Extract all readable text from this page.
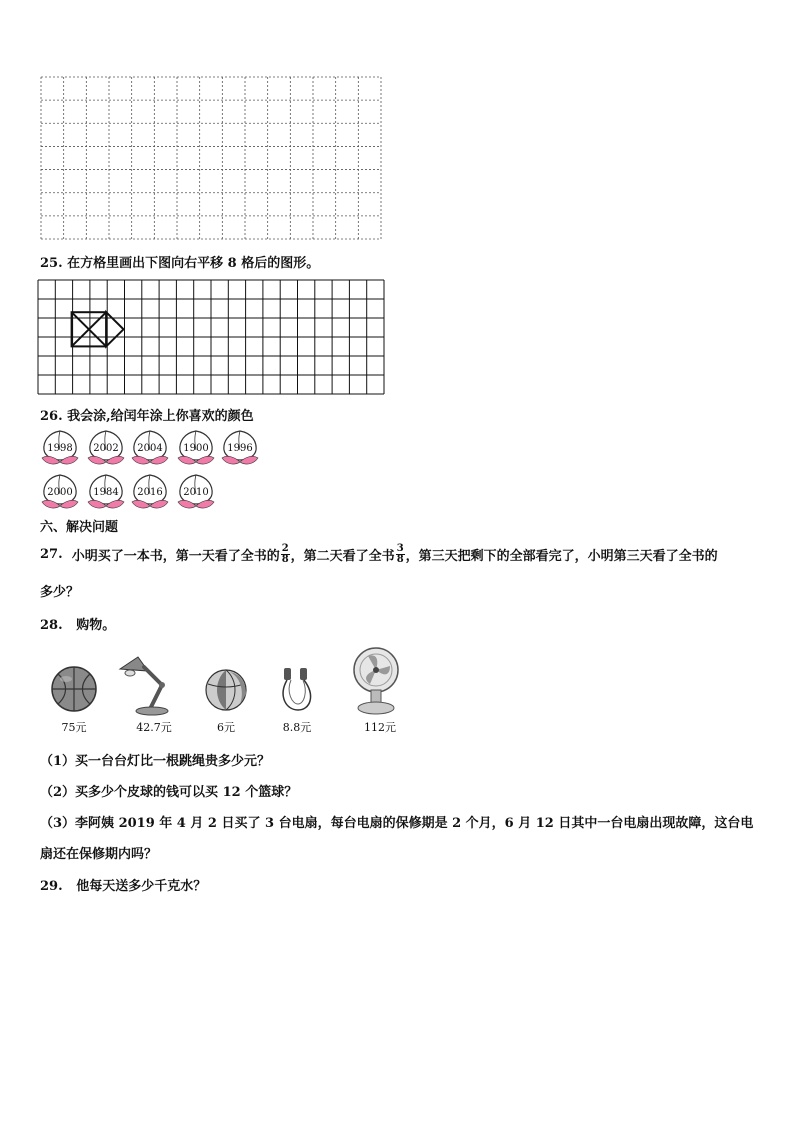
25. 在方格里画出下图向右平移 8 格后的图形。
26. 我会涂,给闰年涂上你喜欢的颜色
1998 2002 2004 1900 1996
2000 1984 2016 2010
六、解决问题
27.
小明买了一本书，第一天看了全书的 $\frac{2}{8}$ ，第二天看了全书 $\frac{3}{8}$ ，第三天把剩下的全部看完了，小明第三天看了全书的
多少？
28. 购物。
75元	42.7元	6元	8.8元	112元
（1）买一台台灯比一根跳绳贵多少元？
（2）买多少个皮球的钱可以买 12 个篮球？
（3）李阿姨 2019 年 4 月 2 日买了 3 台电扇，每台电扇的保修期是 2 个月，6 月 12 日其中一台电扇出现故障，这台电
扇还在保修期内吗？
29. 他每天送多少千克水？
